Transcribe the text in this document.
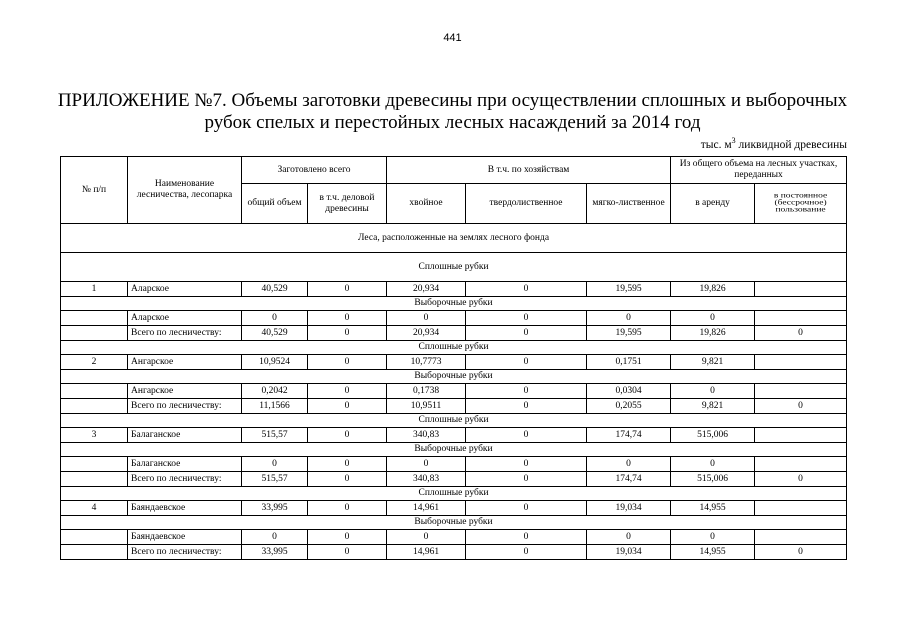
441
ПРИЛОЖЕНИЕ №7. Объемы заготовки древесины при осуществлении сплошных и выборочных рубок спелых и перестойных лесных насаждений за 2014 год
тыс. $м^3$ ликвидной древесины
№ п/п	Наименование лесничества, лесопарка	Заготовлено всего		В т.ч. по хозяйствам			Из общего объема на лесных участках, переданных	
		общий объем	в т.ч. деловой древесины	хвойное	твердолиственное	мягко-лиственное	в аренду	в постоянное (бессрочное) пользование
Леса, расположенные на землях лесного фонда								
Сплошные рубки								
1	Аларское	40,529	0	20,934	0	19,595	19,826	
Выборочные рубки								
	Аларское	0	0	0	0	0	0	
	Всего по лесничеству:	40,529	0	20,934	0	19,595	19,826	0
Сплошные рубки								
2	Ангарское	10,9524	0	10,7773	0	0,1751	9,821	
Выборочные рубки								
	Ангарское	0,2042	0	0,1738	0	0,0304	0	
	Всего по лесничеству:	11,1566	0	10,9511	0	0,2055	9,821	0
Сплошные рубки								
3	Балаганское	515,57	0	340,83	0	174,74	515,006	
Выборочные рубки								
	Балаганское	0	0	0	0	0	0	
	Всего по лесничеству:	515,57	0	340,83	0	174,74	515,006	0
Сплошные рубки								
4	Баяндаевское	33,995	0	14,961	0	19,034	14,955	
Выборочные рубки								
	Баяндаевское	0	0	0	0	0	0	
	Всего по лесничеству:	33,995	0	14,961	0	19,034	14,955	0
